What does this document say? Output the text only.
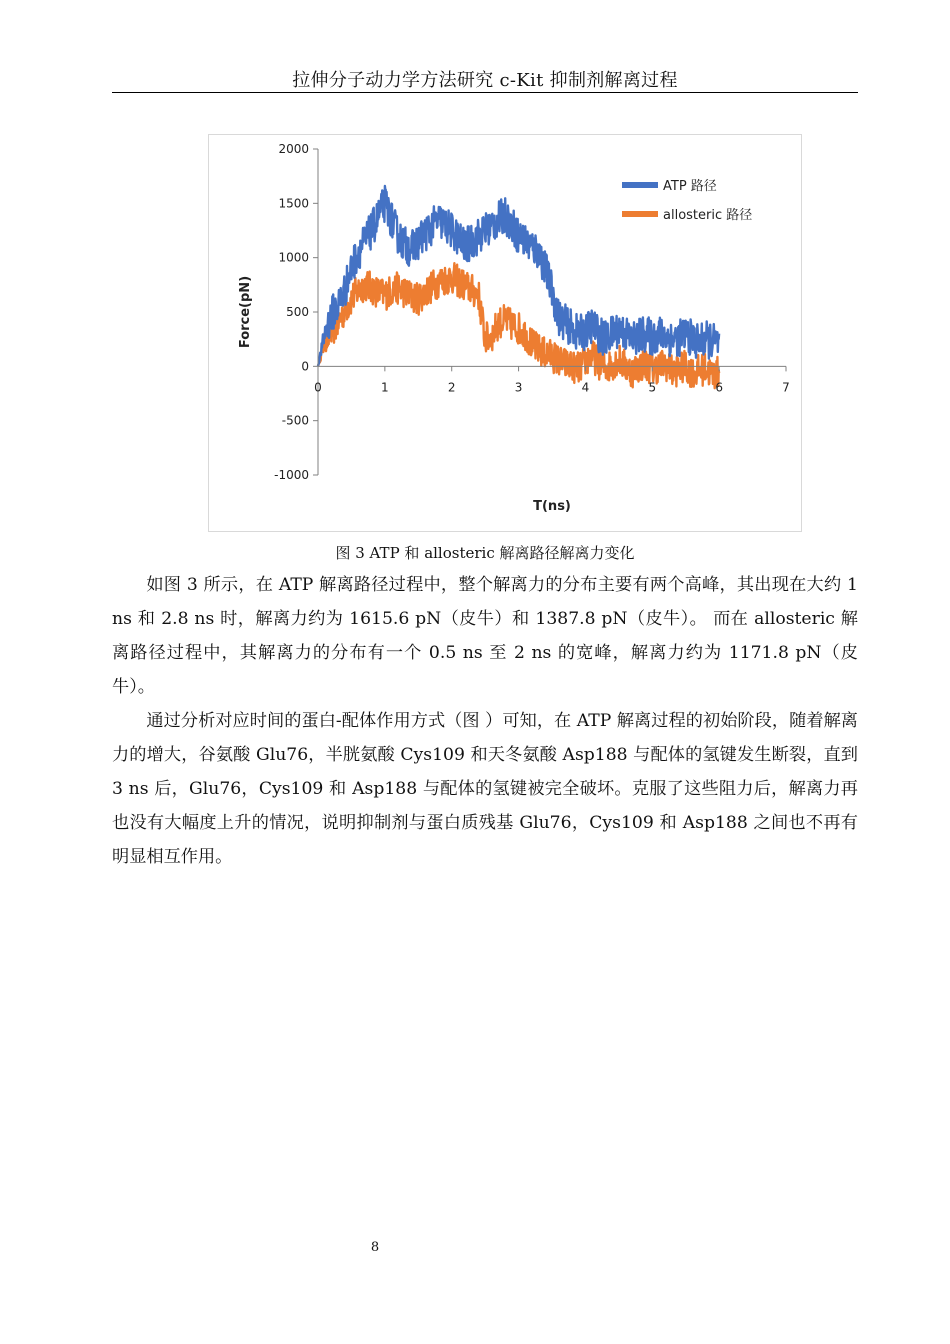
拉伸分子动力学方法研究 c-Kit 抑制剂解离过程
-1000
-500
0
500
1000
1500
2000
0	1	2	3	4	5	6	7
Force(pN)
T(ns)
ATP 路径
allosteric 路径
图 3 ATP 和 allosteric 解离路径解离力变化

如图 3 所示，在 ATP 解离路径过程中，整个解离力的分布主要有两个高峰，其出现在大约 1 ns 和 2.8 ns 时，解离力约为 1615.6 pN（皮牛）和 1387.8 pN（皮牛）。 而在 allosteric 解离路径过程中，其解离力的分布有一个 0.5 ns 至 2 ns 的宽峰，解离力约为 1171.8 pN（皮牛）。

通过分析对应时间的蛋白-配体作用方式（图 ）可知，在 ATP 解离过程的初始阶段，随着解离力的增大，谷氨酸 Glu76，半胱氨酸 Cys109 和天冬氨酸 Asp188 与配体的氢键发生断裂，直到 3 ns 后，Glu76，Cys109 和 Asp188 与配体的氢键被完全破坏。克服了这些阻力后，解离力再也没有大幅度上升的情况，说明抑制剂与蛋白质残基 Glu76，Cys109 和 Asp188 之间也不再有明显相互作用。

8
